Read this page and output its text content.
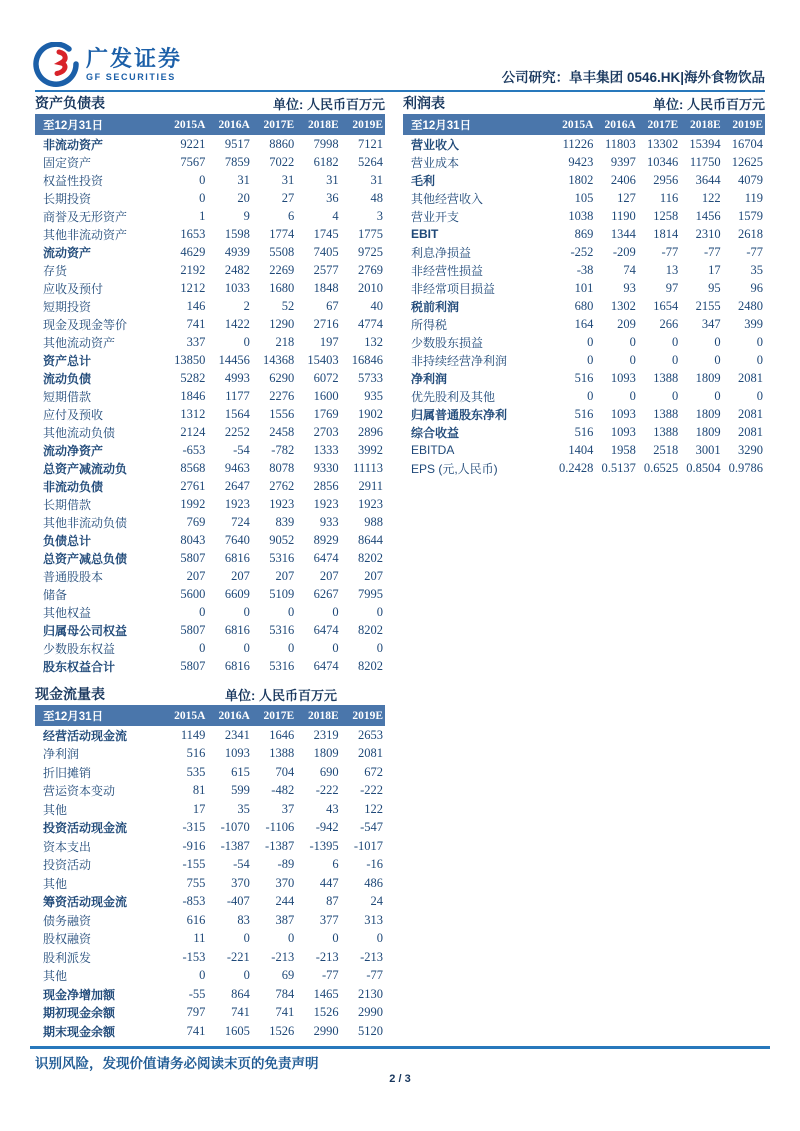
广发证券
GF SECURITIES	公司研究：阜丰集团 0546.HK|海外食物饮品
资产负债表	单位: 人民币百万元
至12月31日	2015A	2016A	2017E	2018E	2019E
非流动资产	9221	9517	8860	7998	7121
固定资产	7567	7859	7022	6182	5264
权益性投资	0	31	31	31	31
长期投资	0	20	27	36	48
商誉及无形资产	1	9	6	4	3
其他非流动资产	1653	1598	1774	1745	1775
流动资产	4629	4939	5508	7405	9725
存货	2192	2482	2269	2577	2769
应收及预付	1212	1033	1680	1848	2010
短期投资	146	2	52	67	40
现金及现金等价	741	1422	1290	2716	4774
其他流动资产	337	0	218	197	132
资产总计	13850	14456	14368	15403	16846
流动负债	5282	4993	6290	6072	5733
短期借款	1846	1177	2276	1600	935
应付及预收	1312	1564	1556	1769	1902
其他流动负债	2124	2252	2458	2703	2896
流动净资产	-653	-54	-782	1333	3992
总资产减流动负	8568	9463	8078	9330	11113
非流动负债	2761	2647	2762	2856	2911
长期借款	1992	1923	1923	1923	1923
其他非流动负债	769	724	839	933	988
负债总计	8043	7640	9052	8929	8644
总资产减总负债	5807	6816	5316	6474	8202
普通股股本	207	207	207	207	207
储备	5600	6609	5109	6267	7995
其他权益	0	0	0	0	0
归属母公司权益	5807	6816	5316	6474	8202
少数股东权益	0	0	0	0	0
股东权益合计	5807	6816	5316	6474	8202
利润表	单位: 人民币百万元
至12月31日	2015A 2016A	2017E	2018E	2019E
营业收入	11226 11803 13302 15394 16704
营业成本	9423	9397 10346 11750 12625
毛利	1802	2406	2956	3644	4079
其他经营收入	105	127	116	122	119
营业开支	1038	1190	1258	1456	1579
EBIT	869	1344	1814	2310	2618
利息净损益	-252	-209	-77	-77	-77
非经营性损益	-38	74	13	17	35
非经常项目损益	101	93	97	95	96
税前利润	680	1302	1654	2155	2480
所得税	164	209	266	347	399
少数股东损益	0	0	0	0	0
非持续经营净利润	0	0	0	0	0
净利润	516	1093	1388	1809	2081
优先股利及其他	0	0	0	0	0
归属普通股东净利	516	1093	1388	1809	2081
综合收益	516	1093	1388	1809	2081
EBITDA	1404	1958	2518	3001	3290
EPS (元,人民币)	0.2428 0.5137 0.6525 0.8504 0.9786
现金流量表	单位: 人民币百万元
至12月31日	2015A	2016A	2017E	2018E	2019E
经营活动现金流	1149	2341	1646	2319	2653
净利润	516	1093	1388	1809	2081
折旧摊销	535	615	704	690	672
营运资本变动	81	599	-482	-222	-222
其他	17	35	37	43	122
投资活动现金流	-315	-1070	-1106	-942	-547
资本支出	-916	-1387	-1387	-1395	-1017
投资活动	-155	-54	-89	6	-16
其他	755	370	370	447	486
筹资活动现金流	-853	-407	244	87	24
债务融资	616	83	387	377	313
股权融资	11	0	0	0	0
股利派发	-153	-221	-213	-213	-213
其他	0	0	69	-77	-77
现金净增加额	-55	864	784	1465	2130
期初现金余额	797	741	741	1526	2990
期末现金余额	741	1605	1526	2990	5120
识别风险，发现价值请务必阅读末页的免责声明
2 / 3
